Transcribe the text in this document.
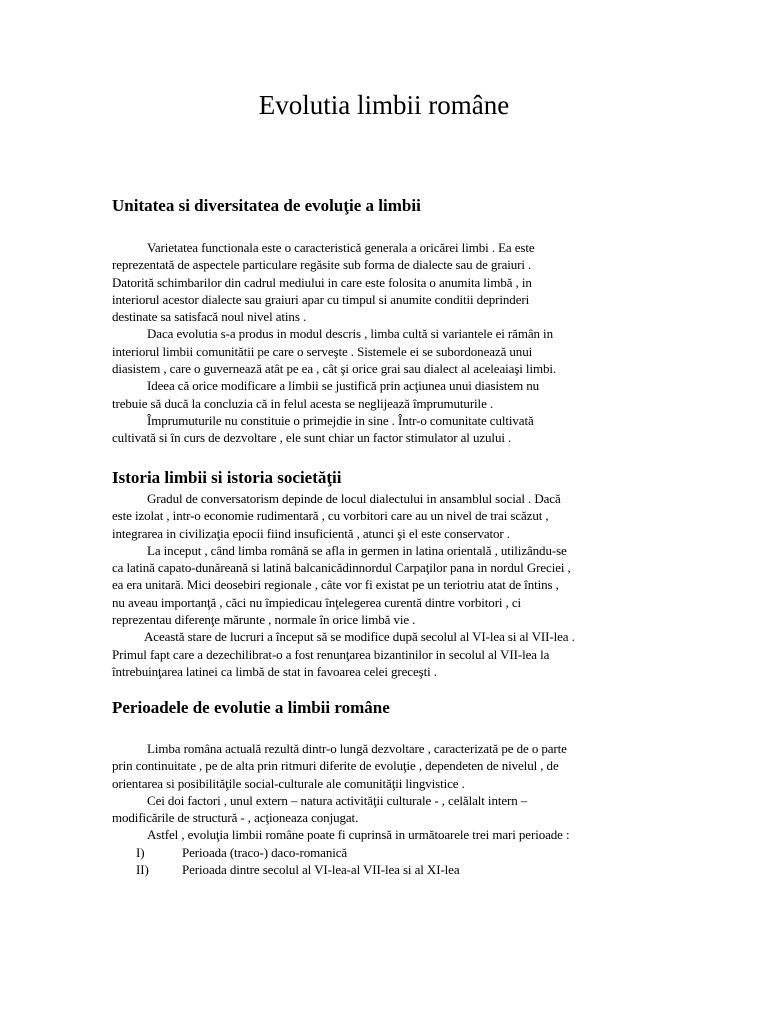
Evolutia limbii române
Unitatea si diversitatea de evoluţie a limbii
Varietatea functionala este o caracteristică generala a oricărei limbi . Ea este
reprezentată de aspectele particulare regăsite sub forma de dialecte sau de graiuri .
Datorită schimbarilor din cadrul mediului in care este folosita o anumita limbă , in
interiorul acestor dialecte sau graiuri apar cu timpul si anumite conditii deprinderi
destinate sa satisfacă noul nivel atins .
Daca evolutia s-a produs in modul descris , limba cultă si variantele ei rămân in
interiorul limbii comunitătii pe care o serveşte . Sistemele ei se subordonează unui
diasistem , care o guvernează atât pe ea , cât şi orice grai sau dialect al aceleaiaşi limbi.
Ideea că orice modificare a limbii se justifică prin acţiunea unui diasistem nu
trebuie să ducă la concluzia că in felul acesta se neglijează împrumuturile .
Împrumuturile nu constituie o primejdie in sine . Într-o comunitate cultivată
cultivată si în curs de dezvoltare , ele sunt chiar un factor stimulator al uzului .
Istoria limbii si istoria societăţii
Gradul de conversatorism depinde de locul dialectului in ansamblul social . Dacă
este izolat , intr-o economie rudimentară , cu vorbitori care au un nivel de trai scăzut ,
integrarea in civilizaţia epocii fiind insuficientă , atunci şi el este conservator .
La inceput , când limba română se afla in germen in latina orientală , utilizându-se
ca latină capato-dunăreană si latină balcanicădinnordul Carpaţilor pana in nordul Greciei ,
ea era unitară. Mici deosebiri regionale , câte vor fi existat pe un teriotriu atat de întins ,
nu aveau importanţă , căci nu împiedicau înţelegerea curentă dintre vorbitori , ci
reprezentau diferenţe mărunte , normale în orice limbă vie .
Această stare de lucruri a început să se modifice după secolul al VI-lea si al VII-lea .
Primul fapt care a dezechilibrat-o a fost renunţarea bizantinilor in secolul al VII-lea la
întrebuinţarea latinei ca limbă de stat in favoarea celei greceşti .
Perioadele de evolutie a limbii române
Limba româna actuală rezultă dintr-o lungă dezvoltare , caracterizată pe de o parte
prin continuitate , pe de alta prin ritmuri diferite de evoluţie , dependeten de nivelul , de
orientarea si posibilităţile social-culturale ale comunităţii lingvistice .
Cei doi factori , unul extern – natura activităţii culturale - , celălalt intern –
modificările de structură - , acţioneaza conjugat.
Astfel , evoluţia limbii române poate fi cuprinsă in următoarele trei mari perioade :
I)	Perioada (traco-) daco-romanică
II)	Perioada dintre secolul al VI-lea-al VII-lea si al XI-lea
